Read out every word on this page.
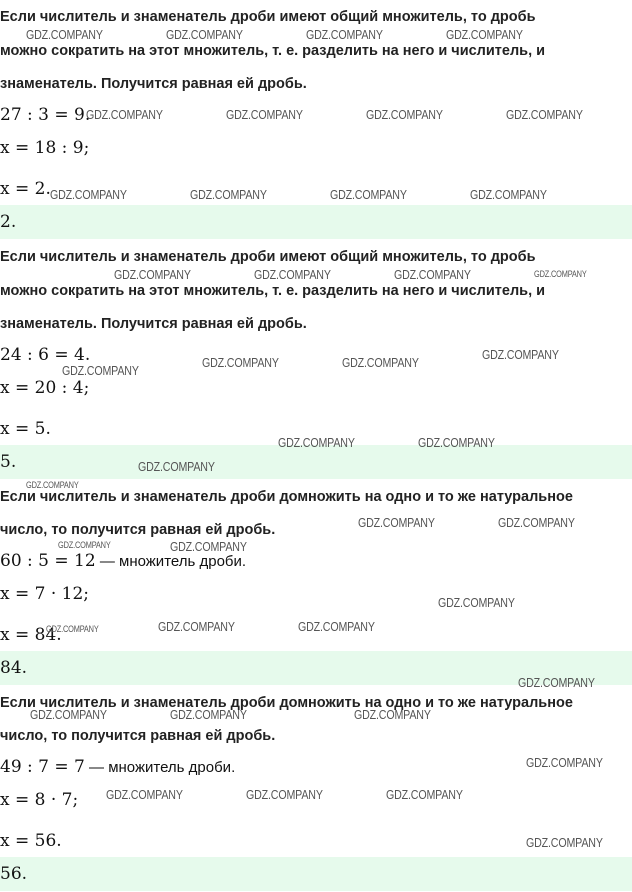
Если числитель и знаменатель дроби имеют общий множитель, то дробь
можно сократить на этот множитель, т. е. разделить на него и числитель, и
знаменатель. Получится равная ей дробь.
27 : 3 = 9.
x = 18 : 9;
x = 2.
2.
Если числитель и знаменатель дроби имеют общий множитель, то дробь
можно сократить на этот множитель, т. е. разделить на него и числитель, и
знаменатель. Получится равная ей дробь.
24 : 6 = 4.
x = 20 : 4;
x = 5.
5.
Если числитель и знаменатель дроби домножить на одно и то же натуральное
число, то получится равная ей дробь.
60 : 5 = 12 — множитель дроби.
x = 7 · 12;
x = 84.
84.
Если числитель и знаменатель дроби домножить на одно и то же натуральное
число, то получится равная ей дробь.
49 : 7 = 7 — множитель дроби.
x = 8 · 7;
x = 56.
56.
GDZ.COMPANY	GDZ.COMPANY	GDZ.COMPANY	GDZ.COMPANY
GDZ.COMPANY	GDZ.COMPANY	GDZ.COMPANY	GDZ.COMPANY
GDZ.COMPANY	GDZ.COMPANY	GDZ.COMPANY	GDZ.COMPANY
GDZ.COMPANY	GDZ.COMPANY	GDZ.COMPANY	GDZ.COMPANY
GDZ.COMPANY	GDZ.COMPANY
GDZ.COMPANY
GDZ.COMPANY
GDZ.COMPANY	GDZ.COMPANY
GDZ.COMPANY
GDZ.COMPANY
GDZ.COMPANY	GDZ.COMPANY
GDZ.COMPANY	GDZ.COMPANY
GDZ.COMPANY
GDZ.COMPANY	GDZ.COMPANY	GDZ.COMPANY
GDZ.COMPANY
GDZ.COMPANY	GDZ.COMPANY	GDZ.COMPANY
GDZ.COMPANY
GDZ.COMPANY	GDZ.COMPANY	GDZ.COMPANY
GDZ.COMPANY
